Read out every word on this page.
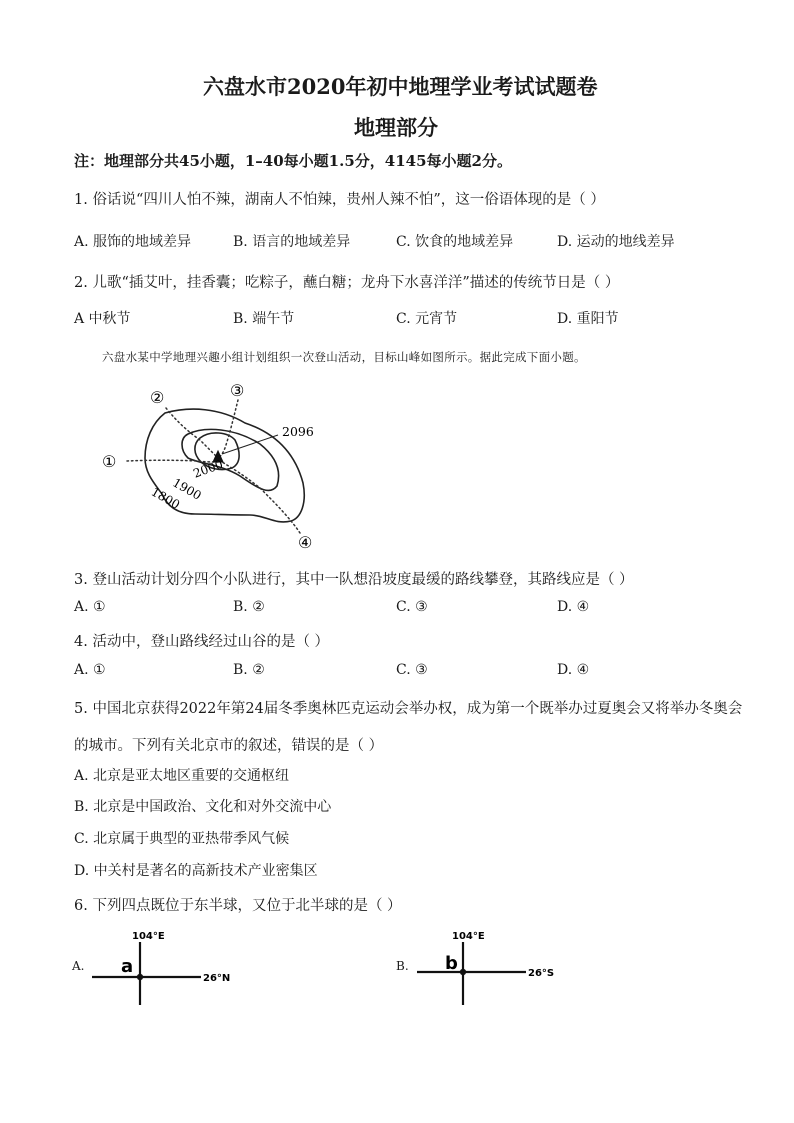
六盘水市2020年初中地理学业考试试题卷
地理部分
注：地理部分共45小题，1–40每小题1.5分，4145每小题2分。
1. 俗话说“四川人怕不辣，湖南人不怕辣，贵州人辣不怕”，这一俗语体现的是（ ）
A. 服饰的地域差异	B. 语言的地域差异	C. 饮食的地域差异	D. 运动的地线差异
2. 儿歌“插艾叶，挂香囊；吃粽子，蘸白糖；龙舟下水喜洋洋”描述的传统节日是（ ）
A 中秋节	B. 端午节	C. 元宵节	D. 重阳节
六盘水某中学地理兴趣小组计划组织一次登山活动，目标山峰如图所示。据此完成下面小题。
①
②	③
④
2096
2000
1900
1800
3. 登山活动计划分四个小队进行，其中一队想沿坡度最缓的路线攀登，其路线应是（ ）
A. ①	B. ②	C. ③	D. ④
4. 活动中，登山路线经过山谷的是（ ）
A. ①	B. ②	C. ③	D. ④
5. 中国北京获得2022年第24届冬季奥林匹克运动会举办权，成为第一个既举办过夏奥会又将举办冬奥会
的城市。下列有关北京市的叙述，错误的是（ ）
A. 北京是亚太地区重要的交通枢纽
B. 北京是中国政治、文化和对外交流中心
C. 北京属于典型的亚热带季风气候
D. 中关村是著名的高新技术产业密集区
6. 下列四点既位于东半球，又位于北半球的是（ ）
A.
104°E
26°N
a	B.
104°E
26°S
b
